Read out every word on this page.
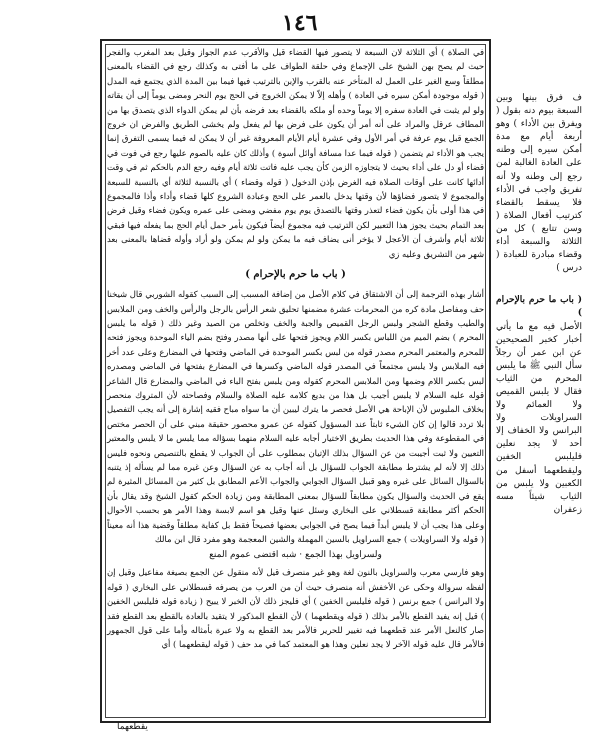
١٤٦

في الصلاة ) أي الثلاثة لان السبعة لا يتصور فيها القضاء قيل والأقرب عدم الجواز وقيل بعد المغرب والفجر حيث لم يصح بهن الشيخ على الإجماع وفي حلقة الطواف على ما أفتى به وكذلك رجع في القضاء بالمعنى مطلقاً وسع الغير على العمل له المتأخر عنه بالقرب والإبن بالترتيب فيها فيما بين المدة الذي يجتمع فيه المدل ( قوله موجودة أمكن سيره في العادة ) وأهله إلاّ لا يمكن الخروج في الحج يوم النحر ومضى يوماً إلى أن يقاته ولو لم يثبت في العادة سفره إلا يوماً وحده أو ملكه بالقضاء بعد فرضه بأن لم يمكن الدواء الذي يتصدق بها من المطاف عرقل والمراد على أنه أمر أن يكون على فرض بها لم يفعل ولم يخشى الطريق والفرض ان خروج الجمع قبل يوم عرفة في أمر الأول وفي عشرة أيام الأيام المعروفة غير أن لا يمكن له فيما يسمى التفرق إنما يجب هو الأداء ثم يتضمن ( قوله فيما عدا مسافة أوائل أسوة ) وأذلك كان عليه بالصوم عليها رجع في فوت في قضاء أو دل على أداء بحيث لا يتجاوزه الزمن كأن يجب عليه فاتت ثلاثة أيام وفيه رجع الدم بالحكم ثم في وقت أدائها كانت على أوقات الصلاة فيه الغرض بإذن الدخول ( قوله وقضاء ) أي بالنسبة لثلاثة أي بالنسبة للسبعة والمجموع لا يتصور فضاؤها لأن وقتها يدخل بالعمر على الحج وعبادة الشروع كلها قضاء وأداء وأذا فالمجموع في هذا أولى بأن يكون فضاء لتعذر وقتها بالتصدق يوم يوم مفضي ومضى على عمره ويكون فضاء وقيل فرض بعد التمام بحيث يجوز هذا التعبير لكن الترتيب فيه مجموع أيضاً فيكون بأمر حمل أيام الحج بما يفعله فيها فبقي ثلاثة أيام وأشرف أن الأعجل لا يؤخر أنى يضاف فيه ما يمكن ولو لم يمكن ولو أراد وأوله قضاها بالمعنى بعد شهر من التشريق وعليه زي

( باب ما حرم بالإحرام )

أشار بهذه الترجمة إلى أن الاشتقاق في كلام الأصل من إضافة المسبب إلى السبب كقوله الشوربي قال شيخنا حف ومفاصل مادة كره من المحرمات عشرة مضمنها تحليق شعر الرأس بالرجل والرأس والخف ومن الملابس والطيب وقطع الشجر ولبس الرجل القميص والجبة والخف وتخلص من الصيد وغير ذلك ( قوله ما يلبس المحرم ) بضم الميم من اللباس بكسر اللام ويجوز فتحها على أنها مصدر وفتح بضم الياء الموحدة ويجوز فتحه للمحرم والمعتمر المحرم مصدر قوله من لبس بكسر الموحدة في الماضي وفتحها في المضارع وعلى عدد أخر فيه الملابس ولا يلبس مجتمعاً في المصدر قوله الماضي وكسرها في المضارع بفتحها في الماضي ومصدره لبس بكسر اللام وضمها ومن الملابس المحرم كقوله ومن يلبس بفتح الباء في الماضي والمضارع قال الشاعر قوله عليه السلام لا يلبس أجيب بل هذا من بديع كلامه عليه الصلاة والسلام وفصاحته لأن المتروك منحصر بخلاف الملبوس لأن الإباحة هي الأصل فحصر ما يترك ليبين أن ما سواه مباح فقيه إشارة إلى أنه يجب التفصيل بلا تردد قالوا إن كان الشيء ثابتاً عند المسؤول كقوله عن عمرو محصور حقيقة مبني على أن الحصر مختص في المقطوعة وفي هذا الحديث بطريق الاختيار أجابه عليه السلام منهما بسؤاله مما يلبس ما لا يلبس والمعتبر التعيين ولا ثبت أجيبت من عن السؤال بذلك الإتيان بمطلوب على أن الجواب لا يقطع بالتنصيص ونحوه فليس ذلك إلا لأنه لم يشترط مطابقة الجواب للسؤال بل أنه أجاب به عن السؤال وعن غيره مما لم يسأله إذ يتنبه بالسؤال السائل على غيره وهو قبيل السؤال الجوابي والجواب الأعم المطابق بل كثير من المسائل المثيرة لم يقع في الحديث والسؤال يكون مطابقاً للسؤال بمعنى المطابقة ومن زيادة الحكم كقول الشيخ وقد يقال بأن الحكم أكثر مطابقة قسطلاني على البخاري وسئل عنها وقيل هو اسم لابسة وهذا الأمر هو بحسب الأحوال وعلى هذا يجب أن لا يلبس أبداً فيما يصح في الجوابي بعضها فصيحاً فقط بل كفاية مطلقاً وقضية هذا أنه معيناً ( قوله ولا السراويلات ) جمع السراويل بالسين المهملة والشين المعجمة وهو مفرد قال ابن مالك

ولسراويل بهذا الجمع ‫·‬ شبه اقتضى عموم المنع

وهو فارسي معرب والسراويل بالنون لغة وهو غير منصرف قيل لأنه منقول عن الجمع بصيغة مفاعيل وقيل إن لفظه سروالة وحكى عن الأخفش أنه منصرف حيث أن من العرب من يصرفه قسطلاني على البخاري ( قوله ولا البرانس ) جمع برنس ( قوله فليلبس الخفين ) أي فليجز ذلك لأن الخبر لا يبيح ( زيادة قوله فليلبس الخفين ) قيل إنه يفيد القطع بالأمر بذلك ( قوله ويقطعهما ) لأن القطع المذكور لا يتقيد بالعادة بالقطع بعد القطع فقد صار كالنعل الأمر عند قطعهما فيه تغيير للحرير فالأمر بعد القطع به ولا عبرة بأمثاله وأما على قول الجمهور فالأمر قال عليه قوله الآخر لا يجد نعلين وهذا هو المعتمد كما في مد حف ( قوله ليقطعهما ) أي

يقطعهما

ف فرق بينها وبين السبعة بيوم دنه بقول ( ويفرق بين الأداء ) وهو أربعة أيام مع مدة أمكن سيره إلى وطنه على العادة الغالبة لمن رجع إلى وطنه ولا أنه تفريق واجب في الأداء فلا يسقط بالقضاء كترتيب أفعال الصلاة ( وسن تتابع ) كل من الثلاثة والسبعة أداء وقضاء مبادرة للعبادة ( درس )

( باب ما حرم بالإحرام )

الأصل فيه مع ما يأتي أخبار كخبر الصحيحين عن ابن عمر أن رجلاً سأل النبي ﷺ ما يلبس المحرم من الثياب فقال لا يلبس القميص ولا العمائم ولا السراويلات ولا البرانس ولا الخفاف إلا أحد لا يجد نعلين فليلبس الخفين وليقطعهما أسفل من الكعبين ولا يلبس من الثياب شيئاً مسه زعفران
